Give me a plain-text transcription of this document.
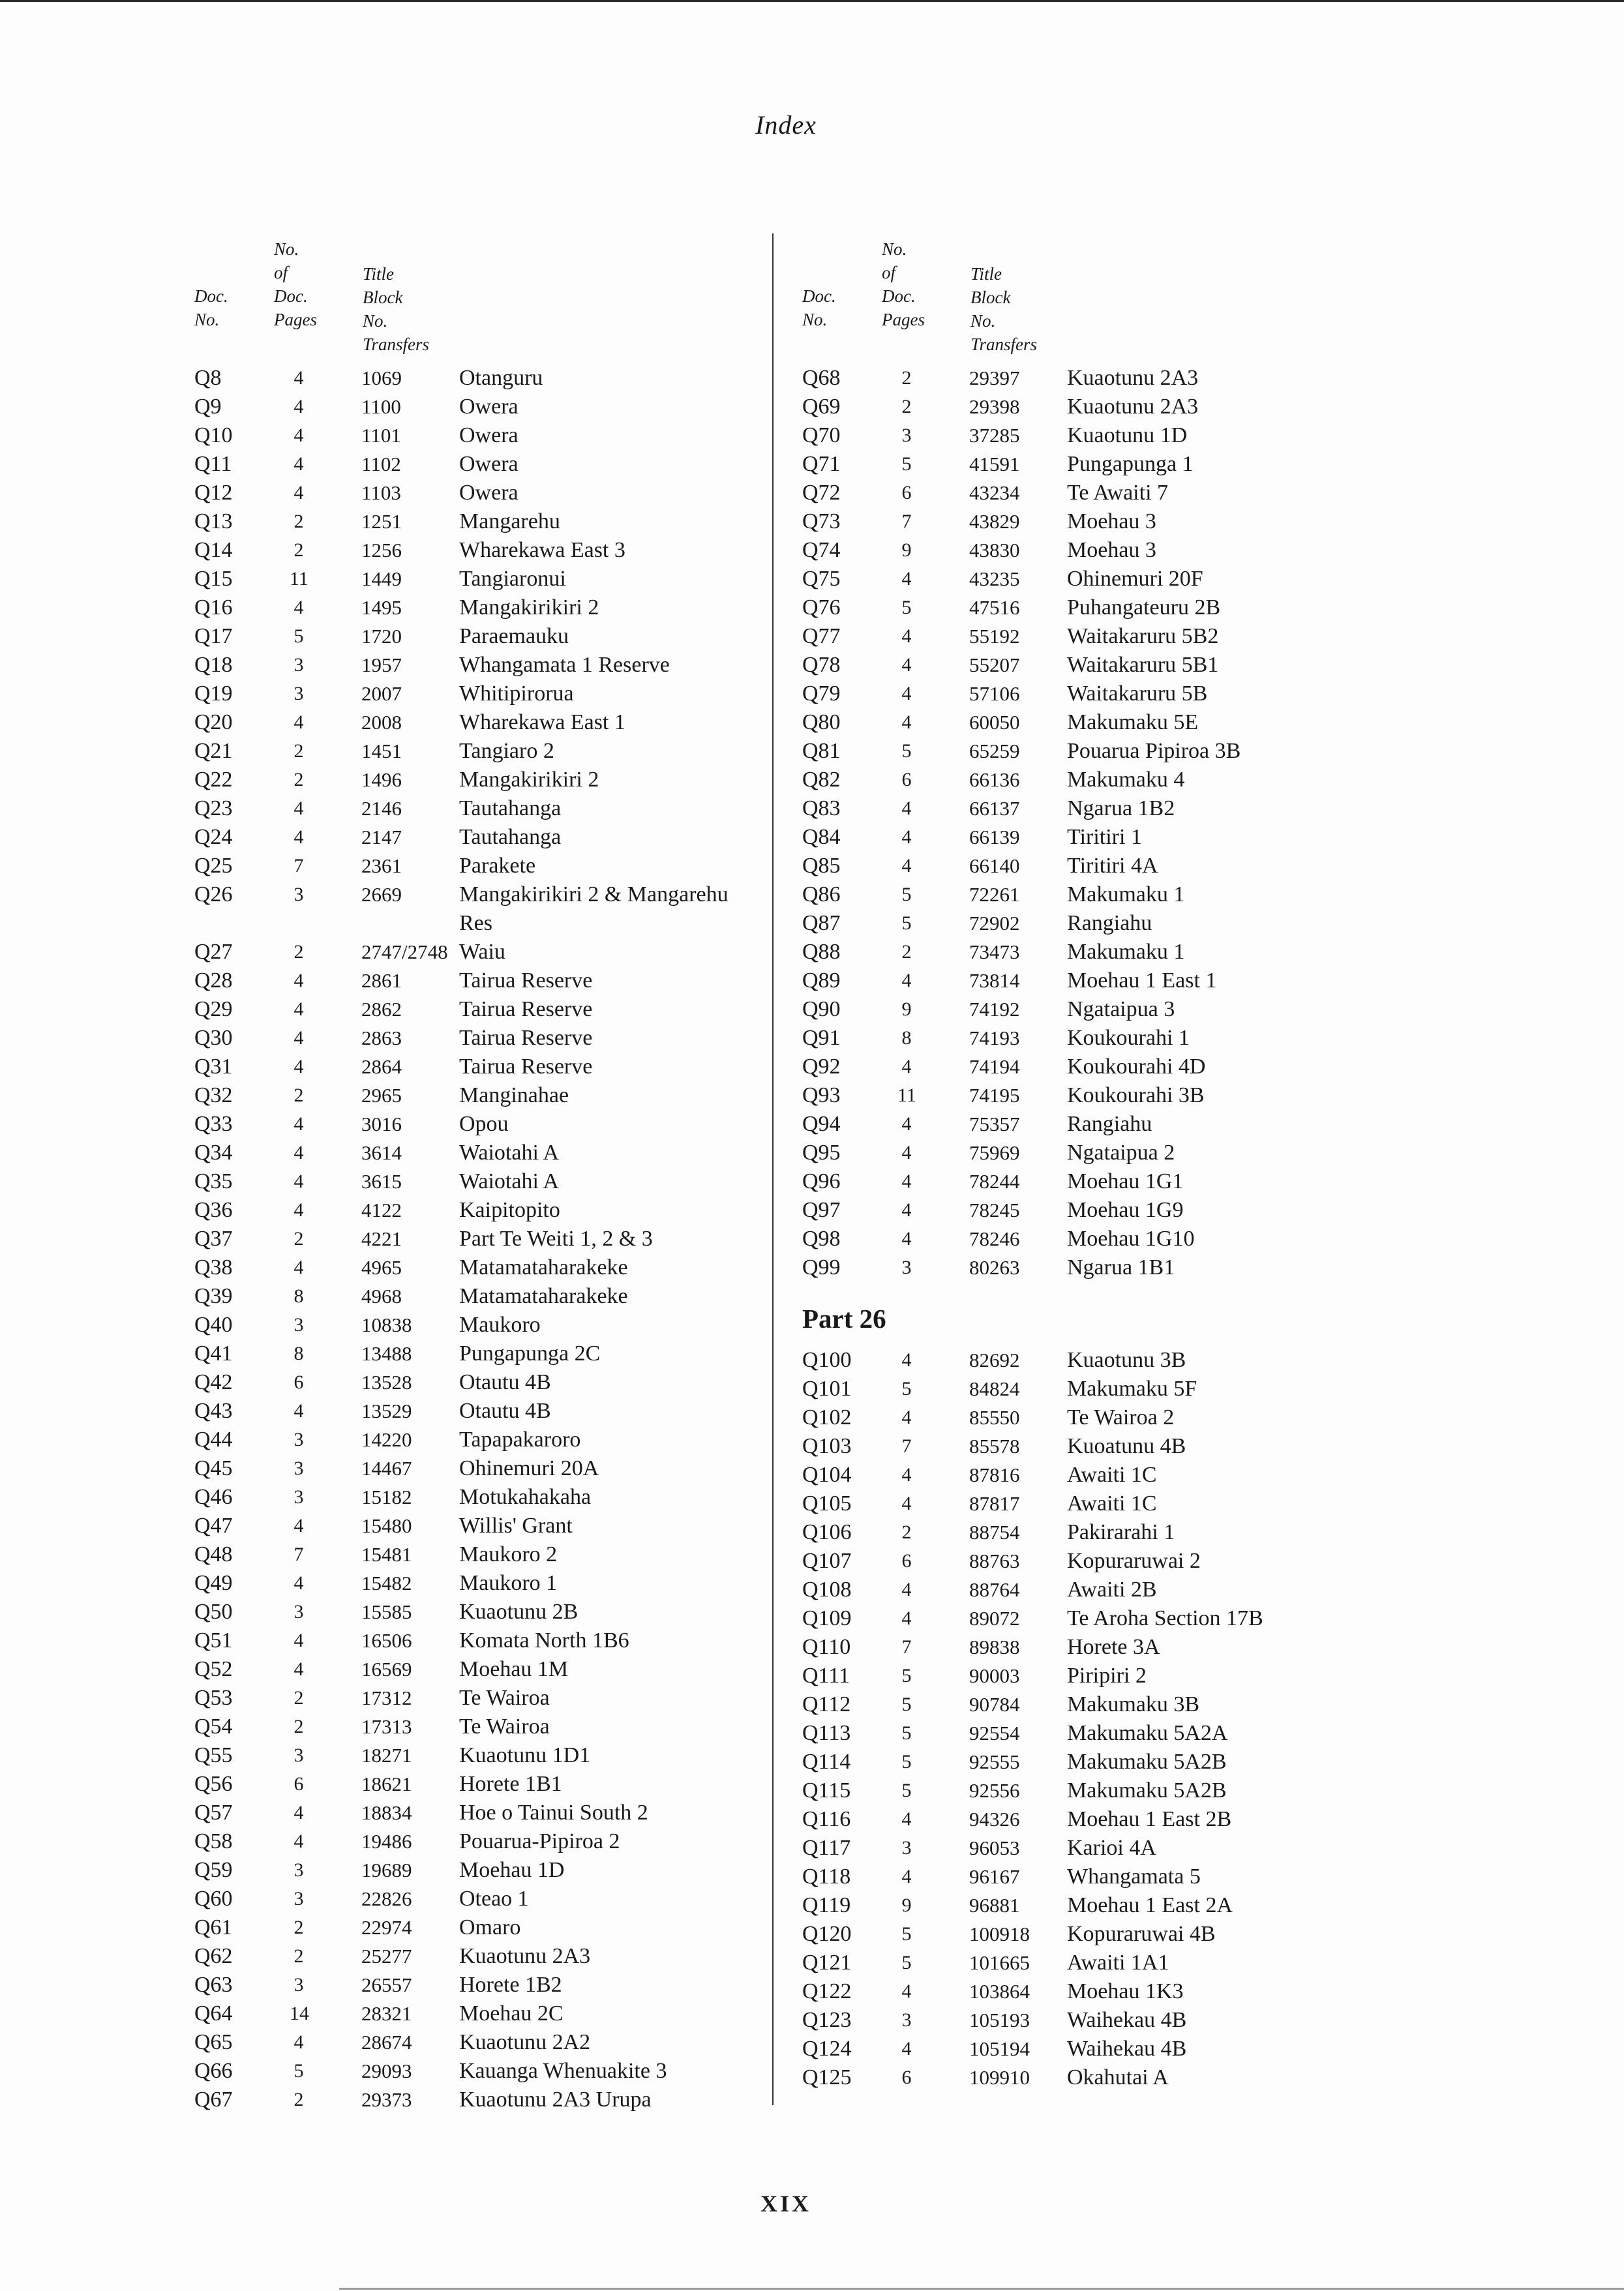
Index
Doc.
No.
No. of
Doc.
Pages
Title
Block
No.
Transfers
Q8	4	1069	Otanguru
Q9	4	1100	Owera
Q10	4	1101	Owera
Q11	4	1102	Owera
Q12	4	1103	Owera
Q13	2	1251	Mangarehu
Q14	2	1256	Wharekawa East 3
Q15	11	1449	Tangiaronui
Q16	4	1495	Mangakirikiri 2
Q17	5	1720	Paraemauku
Q18	3	1957	Whangamata 1 Reserve
Q19	3	2007	Whitipirorua
Q20	4	2008	Wharekawa East 1
Q21	2	1451	Tangiaro 2
Q22	2	1496	Mangakirikiri 2
Q23	4	2146	Tautahanga
Q24	4	2147	Tautahanga
Q25	7	2361	Parakete
Q26	3	2669	Mangakirikiri 2 & Mangarehu Res
Q27	2	2747/2748 Waiu
Q28	4	2861	Tairua Reserve
Q29	4	2862	Tairua Reserve
Q30	4	2863	Tairua Reserve
Q31	4	2864	Tairua Reserve
Q32	2	2965	Manginahae
Q33	4	3016	Opou
Q34	4	3614	Waiotahi A
Q35	4	3615	Waiotahi A
Q36	4	4122	Kaipitopito
Q37	2	4221	Part Te Weiti 1, 2 & 3
Q38	4	4965	Matamataharakeke
Q39	8	4968	Matamataharakeke
Q40	3	10838 Maukoro
Q41	8	13488 Pungapunga 2C
Q42	6	13528 Otautu 4B
Q43	4	13529 Otautu 4B
Q44	3	14220 Tapapakaroro
Q45	3	14467 Ohinemuri 20A
Q46	3	15182 Motukahakaha
Q47	4	15480 Willis' Grant
Q48	7	15481 Maukoro 2
Q49	4	15482 Maukoro 1
Q50	3	15585 Kuaotunu 2B
Q51	4	16506 Komata North 1B6
Q52	4	16569 Moehau 1M
Q53	2	17312 Te Wairoa
Q54	2	17313 Te Wairoa
Q55	3	18271 Kuaotunu 1D1
Q56	6	18621 Horete 1B1
Q57	4	18834 Hoe o Tainui South 2
Q58	4	19486 Pouarua-Pipiroa 2
Q59	3	19689 Moehau 1D
Q60	3	22826 Oteao 1
Q61	2	22974 Omaro
Q62	2	25277 Kuaotunu 2A3
Q63	3	26557 Horete 1B2
Q64	14	28321 Moehau 2C
Q65	4	28674 Kuaotunu 2A2
Q66	5	29093 Kauanga Whenuakite 3
Q67	2	29373 Kuaotunu 2A3 Urupa
Doc.
No.
No. of
Doc.
Pages
Title
Block
No.
Transfers
Q68	2	29397 Kuaotunu 2A3
Q69	2	29398 Kuaotunu 2A3
Q70	3	37285 Kuaotunu 1D
Q71	5	41591 Pungapunga 1
Q72	6	43234 Te Awaiti 7
Q73	7	43829 Moehau 3
Q74	9	43830 Moehau 3
Q75	4	43235 Ohinemuri 20F
Q76	5	47516 Puhangateuru 2B
Q77	4	55192 Waitakaruru 5B2
Q78	4	55207 Waitakaruru 5B1
Q79	4	57106 Waitakaruru 5B
Q80	4	60050 Makumaku 5E
Q81	5	65259 Pouarua Pipiroa 3B
Q82	6	66136 Makumaku 4
Q83	4	66137 Ngarua 1B2
Q84	4	66139 Tiritiri 1
Q85	4	66140 Tiritiri 4A
Q86	5	72261 Makumaku 1
Q87	5	72902 Rangiahu
Q88	2	73473 Makumaku 1
Q89	4	73814 Moehau 1 East 1
Q90	9	74192 Ngataipua 3
Q91	8	74193 Koukourahi 1
Q92	4	74194 Koukourahi 4D
Q93	11	74195 Koukourahi 3B
Q94	4	75357 Rangiahu
Q95	4	75969 Ngataipua 2
Q96	4	78244 Moehau 1G1
Q97	4	78245 Moehau 1G9
Q98	4	78246 Moehau 1G10
Q99	3	80263 Ngarua 1B1
Part 26
Q100	4	82692 Kuaotunu 3B
Q101	5	84824 Makumaku 5F
Q102	4	85550 Te Wairoa 2
Q103	7	85578 Kuoatunu 4B
Q104	4	87816 Awaiti 1C
Q105	4	87817 Awaiti 1C
Q106	2	88754 Pakirarahi 1
Q107	6	88763 Kopuraruwai 2
Q108	4	88764 Awaiti 2B
Q109	4	89072 Te Aroha Section 17B
Q110	7	89838 Horete 3A
Q111	5	90003 Piripiri 2
Q112	5	90784 Makumaku 3B
Q113	5	92554 Makumaku 5A2A
Q114	5	92555 Makumaku 5A2B
Q115	5	92556 Makumaku 5A2B
Q116	4	94326 Moehau 1 East 2B
Q117	3	96053 Karioi 4A
Q118	4	96167 Whangamata 5
Q119	9	96881 Moehau 1 East 2A
Q120	5	100918 Kopuraruwai 4B
Q121	5	101665 Awaiti 1A1
Q122	4	103864 Moehau 1K3
Q123	3	105193 Waihekau 4B
Q124	4	105194 Waihekau 4B
Q125	6	109910 Okahutai A
XIX
